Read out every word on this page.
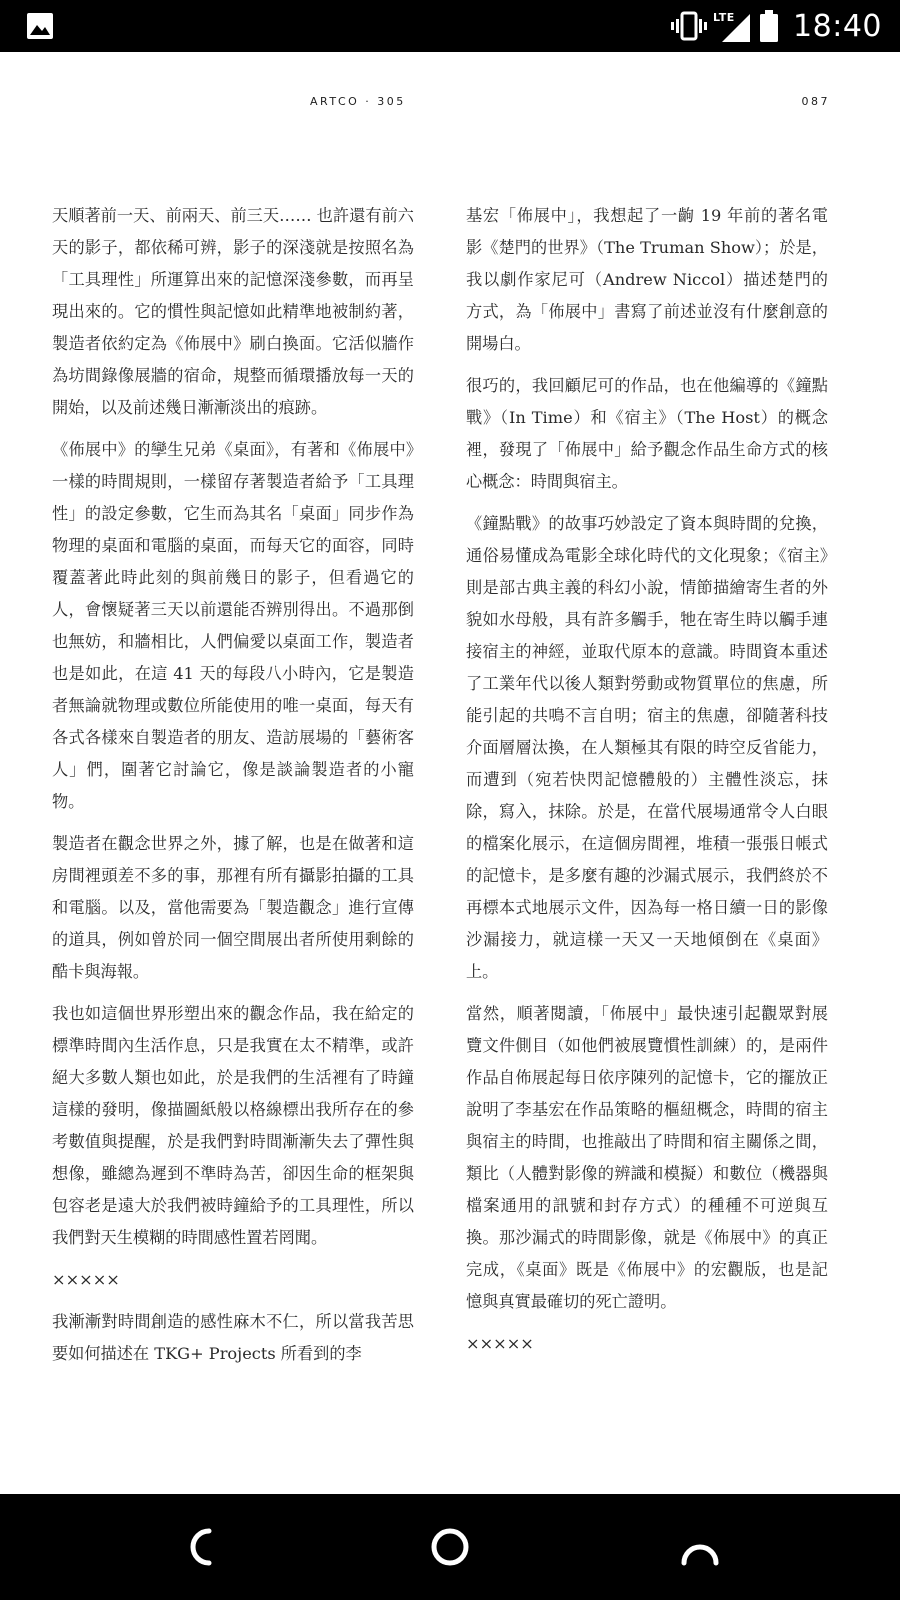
LTE 18:40
ARTCO · 305	087

天順著前一天、前兩天、前三天…… 也許還有前六天的影子，都依稀可辨，影子的深淺就是按照名為「工具理性」所運算出來的記憶深淺參數，而再呈現出來的。它的慣性與記憶如此精準地被制約著，製造者依約定為《佈展中》刷白換面。它活似牆作為坊間錄像展牆的宿命，規整而循環播放每一天的開始，以及前述幾日漸漸淡出的痕跡。

《佈展中》的孿生兄弟《桌面》，有著和《佈展中》一樣的時間規則，一樣留存著製造者給予「工具理性」的設定參數，它生而為其名「桌面」同步作為物理的桌面和電腦的桌面，而每天它的面容，同時覆蓋著此時此刻的與前幾日的影子，但看過它的人，會懷疑著三天以前還能否辨別得出。不過那倒也無妨，和牆相比，人們偏愛以桌面工作，製造者也是如此，在這 41 天的每段八小時內，它是製造者無論就物理或數位所能使用的唯一桌面，每天有各式各樣來自製造者的朋友、造訪展場的「藝術客人」們，圍著它討論它，像是談論製造者的小寵物。

製造者在觀念世界之外，據了解，也是在做著和這房間裡頭差不多的事，那裡有所有攝影拍攝的工具和電腦。以及，當他需要為「製造觀念」進行宣傳的道具，例如曾於同一個空間展出者所使用剩餘的酷卡與海報。

我也如這個世界形塑出來的觀念作品，我在給定的標準時間內生活作息，只是我實在太不精準，或許絕大多數人類也如此，於是我們的生活裡有了時鐘這樣的發明，像描圖紙般以格線標出我所存在的參考數值與提醒，於是我們對時間漸漸失去了彈性與想像，雖總為遲到不準時為苦，卻因生命的框架與包容老是遠大於我們被時鐘給予的工具理性，所以我們對天生模糊的時間感性置若罔聞。

×××××

我漸漸對時間創造的感性麻木不仁，所以當我苦思要如何描述在 TKG+ Projects 所看到的李

基宏「佈展中」，我想起了一齣 19 年前的著名電影《楚門的世界》（The Truman Show）；於是，我以劇作家尼可（Andrew Niccol）描述楚門的方式，為「佈展中」書寫了前述並沒有什麼創意的開場白。

很巧的，我回顧尼可的作品，也在他編導的《鐘點戰》（In Time）和《宿主》（The Host）的概念裡，發現了「佈展中」給予觀念作品生命方式的核心概念：時間與宿主。

《鐘點戰》的故事巧妙設定了資本與時間的兌換，通俗易懂成為電影全球化時代的文化現象；《宿主》則是部古典主義的科幻小說，情節描繪寄生者的外貌如水母般，具有許多觸手，牠在寄生時以觸手連接宿主的神經，並取代原本的意識。時間資本重述了工業年代以後人類對勞動或物質單位的焦慮，所能引起的共鳴不言自明；宿主的焦慮，卻隨著科技介面層層汰換，在人類極其有限的時空反省能力，而遭到（宛若快閃記憶體般的）主體性淡忘，抹除，寫入，抹除。於是，在當代展場通常令人白眼的檔案化展示，在這個房間裡，堆積一張張日帳式的記憶卡，是多麼有趣的沙漏式展示，我們終於不再標本式地展示文件，因為每一格日續一日的影像沙漏接力，就這樣一天又一天地傾倒在《桌面》上。

當然，順著閱讀，「佈展中」最快速引起觀眾對展覽文件側目（如他們被展覽慣性訓練）的，是兩件作品自佈展起每日依序陳列的記憶卡，它的擺放正說明了李基宏在作品策略的樞紐概念，時間的宿主與宿主的時間，也推敲出了時間和宿主關係之間，類比（人體對影像的辨識和模擬）和數位（機器與檔案通用的訊號和封存方式）的種種不可逆與互換。那沙漏式的時間影像，就是《佈展中》的真正完成，《桌面》既是《佈展中》的宏觀版，也是記憶與真實最確切的死亡證明。

×××××
